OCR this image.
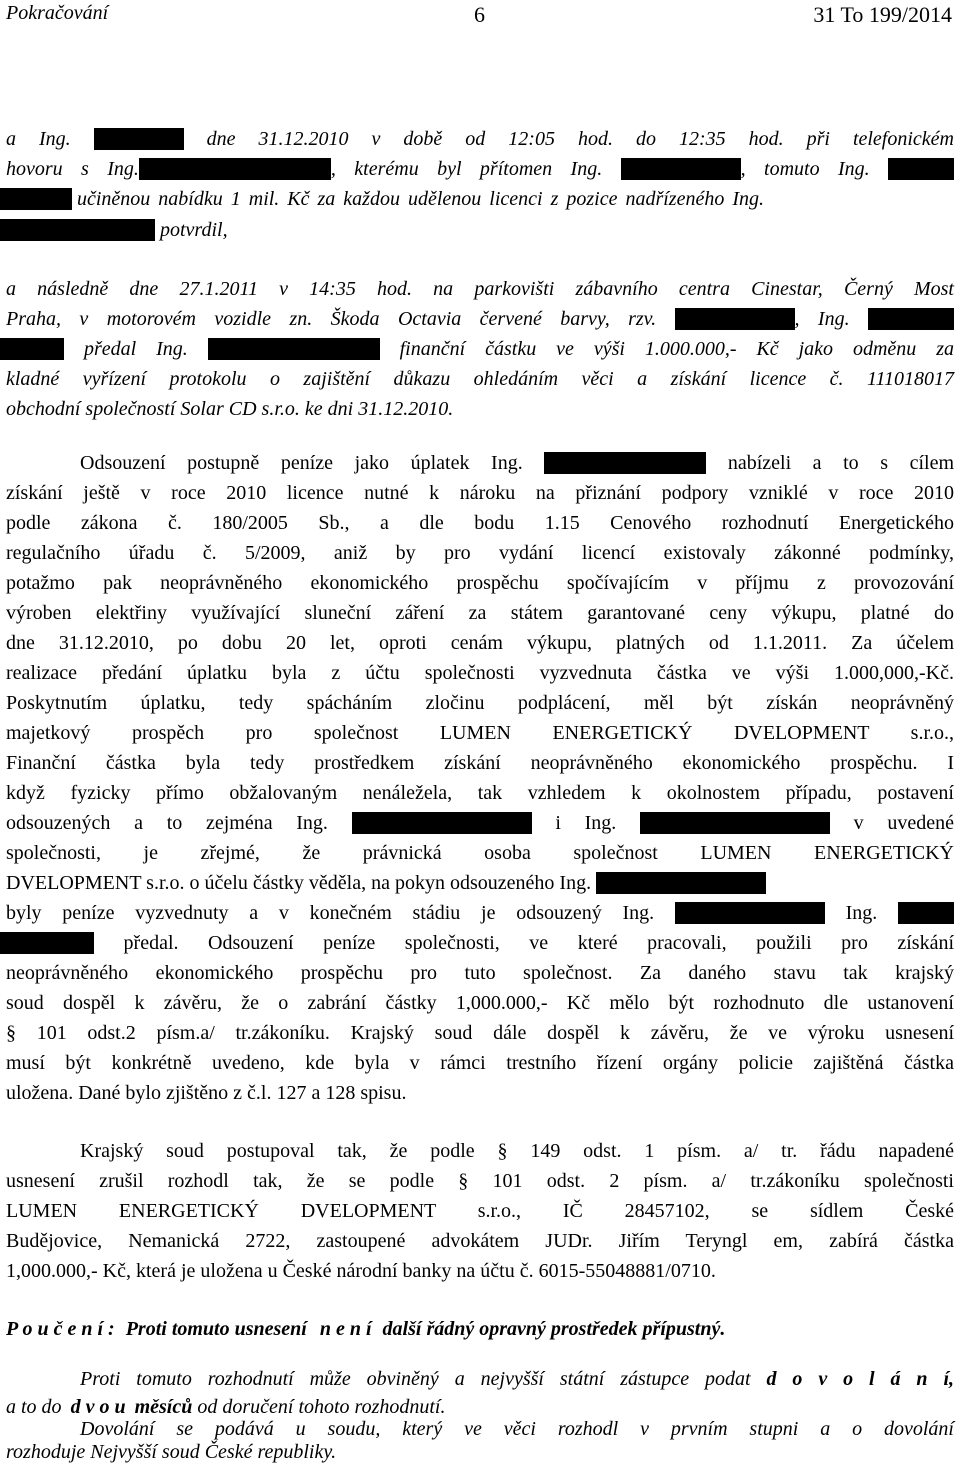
Pokračování	6	31 To 199/2014
a Ing.	dne 31.12.2010 v době od 12:05 hod. do 12:35 hod. při telefonickém
hovoru s Ing.	, kterému byl přítomen Ing.	, tomuto Ing.
učiněnou nabídku 1 mil. Kč za každou udělenou licenci z pozice nadřízeného Ing.
potvrdil,
a následně dne 27.1.2011 v 14:35 hod. na parkovišti zábavního centra Cinestar, Černý Most
Praha, v motorovém vozidle zn. Škoda Octavia červené barvy, rzv.	, Ing.
předal Ing.	finanční částku ve výši 1.000.000,- Kč jako odměnu za
kladné vyřízení protokolu o zajištění důkazu ohledáním věci a získání licence č. 111018017
obchodní společností Solar CD s.r.o. ke dni 31.12.2010.
Odsouzení postupně peníze jako úplatek Ing.	nabízeli a to s cílem
získání ještě v roce 2010 licence nutné k nároku na přiznání podpory vzniklé v roce 2010
podle zákona č. 180/2005 Sb., a dle bodu 1.15 Cenového rozhodnutí Energetického
regulačního úřadu č. 5/2009, aniž by pro vydání licencí existovaly zákonné podmínky,
potažmo pak neoprávněného ekonomického prospěchu spočívajícím v příjmu z provozování
výroben elektřiny využívající sluneční záření za státem garantované ceny výkupu, platné do
dne 31.12.2010, po dobu 20 let, oproti cenám výkupu, platných od 1.1.2011. Za účelem
realizace předání úplatku byla z účtu společnosti vyzvednuta částka ve výši 1.000,000,-Kč.
Poskytnutím úplatku, tedy spácháním zločinu podplácení, měl být získán neoprávněný
majetkový prospěch pro společnost LUMEN ENERGETICKÝ DVELOPMENT s.r.o.,
Finanční částka byla tedy prostředkem získání neoprávněného ekonomického prospěchu. I
když fyzicky přímo obžalovaným nenáležela, tak vzhledem k okolnostem případu, postavení
odsouzených a to zejména Ing.	i Ing.	v uvedené
společnosti, je zřejmé, že právnická osoba společnost LUMEN ENERGETICKÝ
DVELOPMENT s.r.o. o účelu částky věděla, na pokyn odsouzeného Ing.
byly peníze vyzvednuty a v konečném stádiu je odsouzený Ing.	Ing.
předal. Odsouzení peníze společnosti, ve které pracovali, použili pro získání
neoprávněného ekonomického prospěchu pro tuto společnost. Za daného stavu tak krajský
soud dospěl k závěru, že o zabrání částky 1,000.000,- Kč mělo být rozhodnuto dle ustanovení
§ 101 odst.2 písm.a/ tr.zákoníku. Krajský soud dále dospěl k závěru, že ve výroku usnesení
musí být konkrétně uvedeno, kde byla v rámci trestního řízení orgány policie zajištěná částka
uložena. Dané bylo zjištěno z č.l. 127 a 128 spisu.
Krajský soud postupoval tak, že podle § 149 odst. 1 písm. a/ tr. řádu napadené
usnesení zrušil rozhodl tak, že se podle § 101 odst. 2 písm. a/ tr.zákoníku společnosti
LUMEN ENERGETICKÝ DVELOPMENT s.r.o., IČ 28457102, se sídlem České
Budějovice, Nemanická 2722, zastoupené advokátem JUDr. Jiřím Teryngl em, zabírá částka
1,000.000,- Kč, která je uložena u České národní banky na účtu č. 6015-55048881/0710.
P o u č e n í : Proti tomuto usnesení n e n í další řádný opravný prostředek přípustný.
Proti tomuto rozhodnutí může obviněný a nejvyšší státní zástupce podat d o v o l á n í,
a to do d v o u měsíců od doručení tohoto rozhodnutí.
Dovolání se podává u soudu, který ve věci rozhodl v prvním stupni a o dovolání
rozhoduje Nejvyšší soud České republiky.
